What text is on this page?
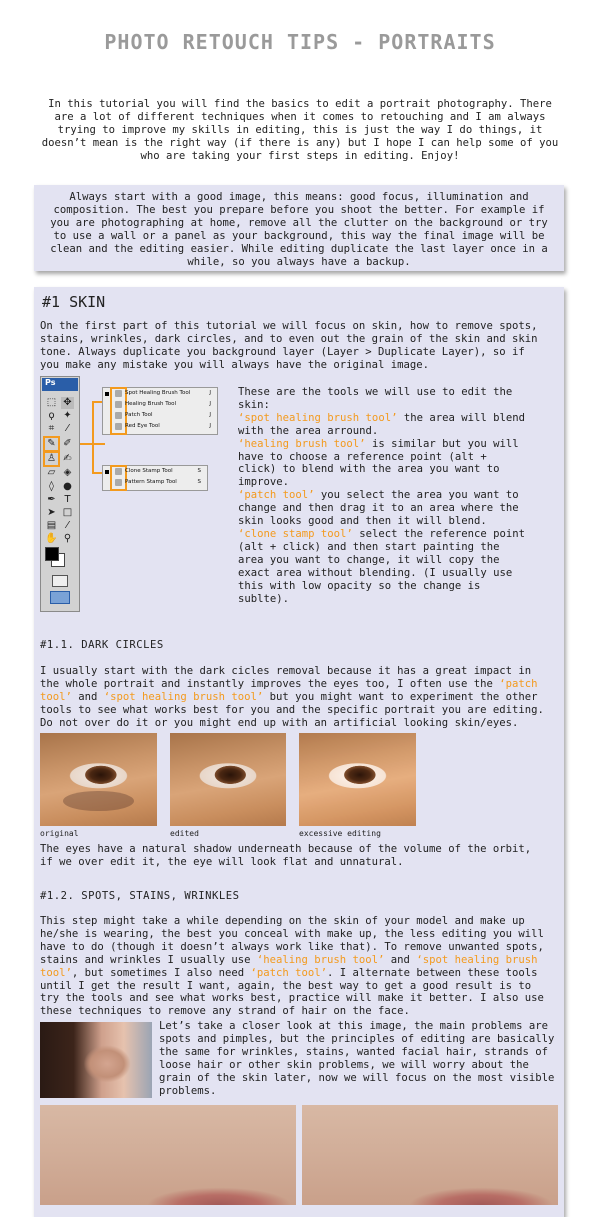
PHOTO RETOUCH TIPS - PORTRAITS
In this tutorial you will find the basics to edit a portrait photography. There
are a lot of different techniques when it comes to retouching and I am always
trying to improve my skills in editing, this is just the way I do things, it
doesn’t mean is the right way (if there is any) but I hope I can help some of you
who are taking your first steps in editing. Enjoy!
Always start with a good image, this means: good focus, illumination and
composition. The best you prepare before you shoot the better. For example if
you are photographing at home, remove all the clutter on the background or try
to use a wall or a panel as your background, this way the final image will be
clean and the editing easier. While editing duplicate the last layer once in a
while, so you always have a backup.
#1 SKIN
On the first part of this tutorial we will focus on skin, how to remove spots,
stains, wrinkles, dark circles, and to even out the grain of the skin and skin
tone. Always duplicate you background layer (Layer > Duplicate Layer), so if
you make any mistake you will always have the original image.
Ps
⬚ ✥
ϙ ✦
⌗	⁄
✎ ✐
♙ ✍
▱ ◈
◊ ●
✒ T
➤ □
▤	⁄
✋ ⚲
Spot Healing Brush Tool	J
Healing Brush Tool	J
Patch Tool	J
Red Eye Tool	J
Clone Stamp Tool	S
Pattern Stamp Tool	S
These are the tools we will use to edit the skin:
‘spot healing brush tool’ the area will blend with the area arround.
‘healing brush tool’ is similar but you will have to choose a reference point (alt + click) to blend with the area you want to improve.
‘patch tool’ you select the area you want to change and then drag it to an area where the skin looks good and then it will blend.
‘clone stamp tool’ select the reference point (alt + click) and then start painting the area you want to change, it will copy the exact area without blending. (I usually use this with low opacity so the change is sublte).
#1.1. DARK CIRCLES
I usually start with the dark cicles removal because it has a great impact in the whole portrait and instantly improves the eyes too, I often use the ‘patch tool’ and ‘spot healing brush tool’ but you might want to experiment the other tools to see what works best for you and the specific portrait you are editing. Do not over do it or you might end up with an artificial looking skin/eyes.
original	edited	excessive editing
The eyes have a natural shadow underneath because of the volume of the orbit,
if we over edit it, the eye will look flat and unnatural.
#1.2. SPOTS, STAINS, WRINKLES
This step might take a while depending on the skin of your model and make up he/she is wearing, the best you conceal with make up, the less editing you will have to do (though it doesn’t always work like that). To remove unwanted spots, stains and wrinkles I usually use ‘healing brush tool’ and ‘spot healing brush tool’, but sometimes I also need ‘patch tool’. I alternate between these tools until I get the result I want, again, the best way to get a good result is to try the tools and see what works best, practice will make it better. I also use these techniques to remove any strand of hair on the face.
Let’s take a closer look at this image, the main problems are spots and pimples, but the principles of editing are basically the same for wrinkles, stains, wanted facial hair, strands of loose hair or other skin problems, we will worry about the grain of the skin later, now we will focus on the most visible problems.
